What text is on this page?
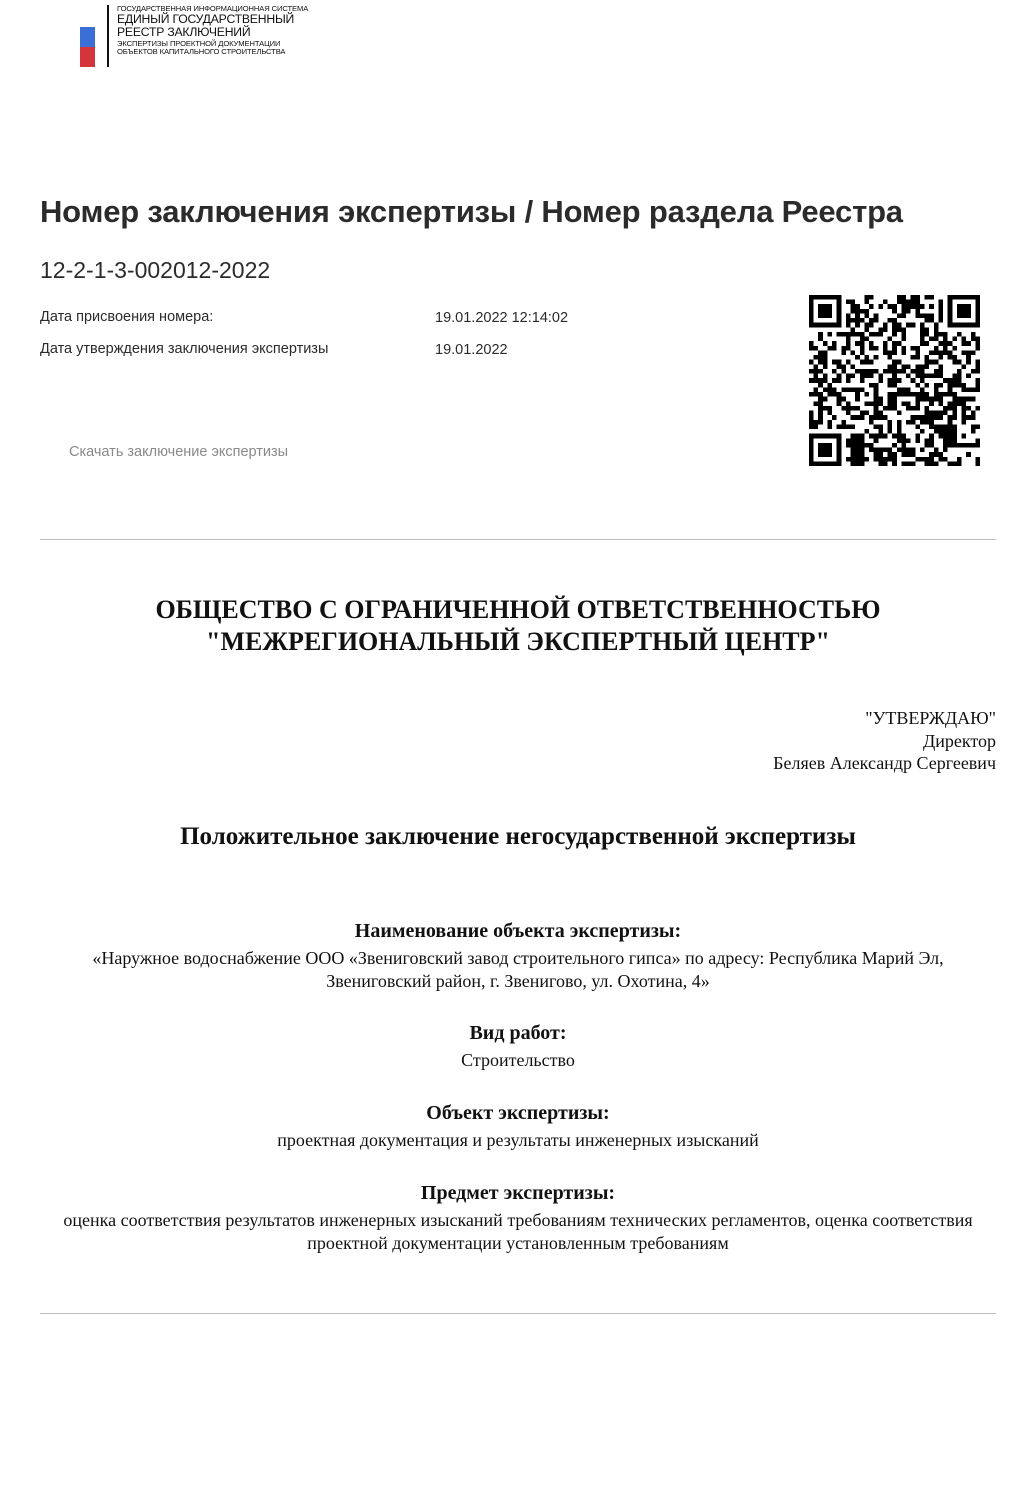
ГОСУДАРСТВЕННАЯ ИНФОРМАЦИОННАЯ СИСТЕМА
ЕДИНЫЙ ГОСУДАРСТВЕННЫЙ
РЕЕСТР ЗАКЛЮЧЕНИЙ
ЭКСПЕРТИЗЫ ПРОЕКТНОЙ ДОКУМЕНТАЦИИ
ОБЪЕКТОВ КАПИТАЛЬНОГО СТРОИТЕЛЬСТВА
Номер заключения экспертизы / Номер раздела Реестра
12-2-1-3-002012-2022
Дата присвоения номера:	19.01.2022 12:14:02
Дата утверждения заключения экспертизы	19.01.2022
Скачать заключение экспертизы
ОБЩЕСТВО С ОГРАНИЧЕННОЙ ОТВЕТСТВЕННОСТЬЮ
"МЕЖРЕГИОНАЛЬНЫЙ ЭКСПЕРТНЫЙ ЦЕНТР"
"УТВЕРЖДАЮ"
Директор
Беляев Александр Сергеевич
Положительное заключение негосударственной экспертизы
Наименование объекта экспертизы:
«Наружное водоснабжение ООО «Звениговский завод строительного гипса» по адресу: Республика Марий Эл,
Звениговский район, г. Звенигово, ул. Охотина, 4»
Вид работ:
Строительство
Объект экспертизы:
проектная документация и результаты инженерных изысканий
Предмет экспертизы:
оценка соответствия результатов инженерных изысканий требованиям технических регламентов, оценка соответствия
проектной документации установленным требованиям
